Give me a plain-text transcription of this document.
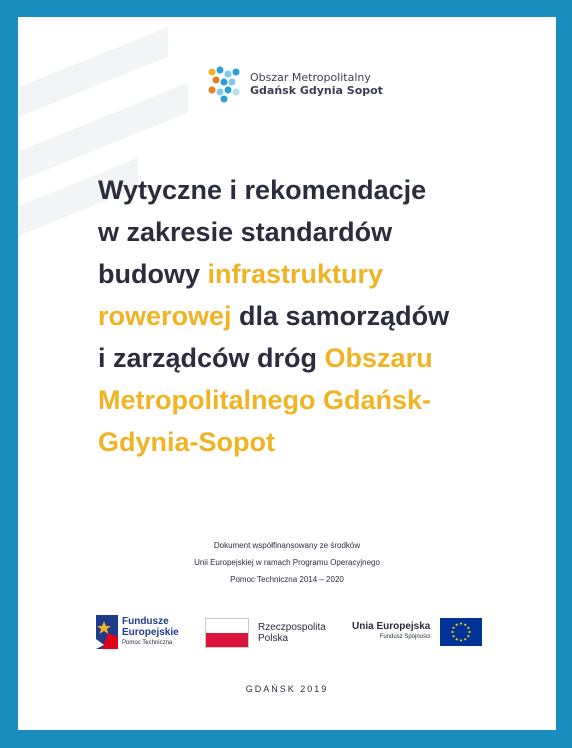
Obszar Metropolitalny
Gdańsk Gdynia Sopot
Wytyczne i rekomendacje
w zakresie standardów
budowy infrastruktury
rowerowej dla samorządów
i zarządców dróg Obszaru
Metropolitalnego Gdańsk-
Gdynia-Sopot
Dokument współfinansowany ze środków
Unii Europejskiej w ramach Programu Operacyjnego
Pomoc Techniczna 2014 – 2020
Fundusze
Europejskie
Pomoc Techniczna
Rzeczpospolita
Polska
Unia Europejska
Fundusz Spójności
GDAŃSK 2019
